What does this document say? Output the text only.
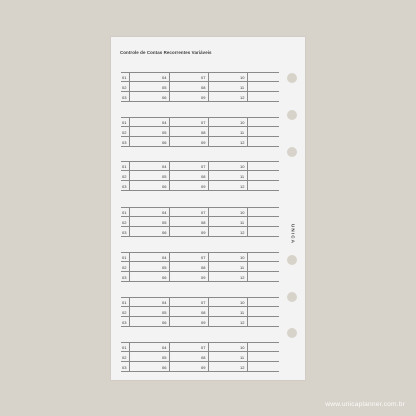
Controle de Contas Recorrentes Variáveis
01	04	07	10
02	05	08	11
03	06	09	12
01	04	07	10
02	05	08	11
03	06	09	12
01	04	07	10
02	05	08	11
03	06	09	12
01	04	07	10
02	05	08	11
03	06	09	12
01	04	07	10
02	05	08	11
03	06	09	12
01	04	07	10
02	05	08	11
03	06	09	12
01	04	07	10
02	05	08	11
03	06	09	12
UNICA
www.unicaplanner.com.br
